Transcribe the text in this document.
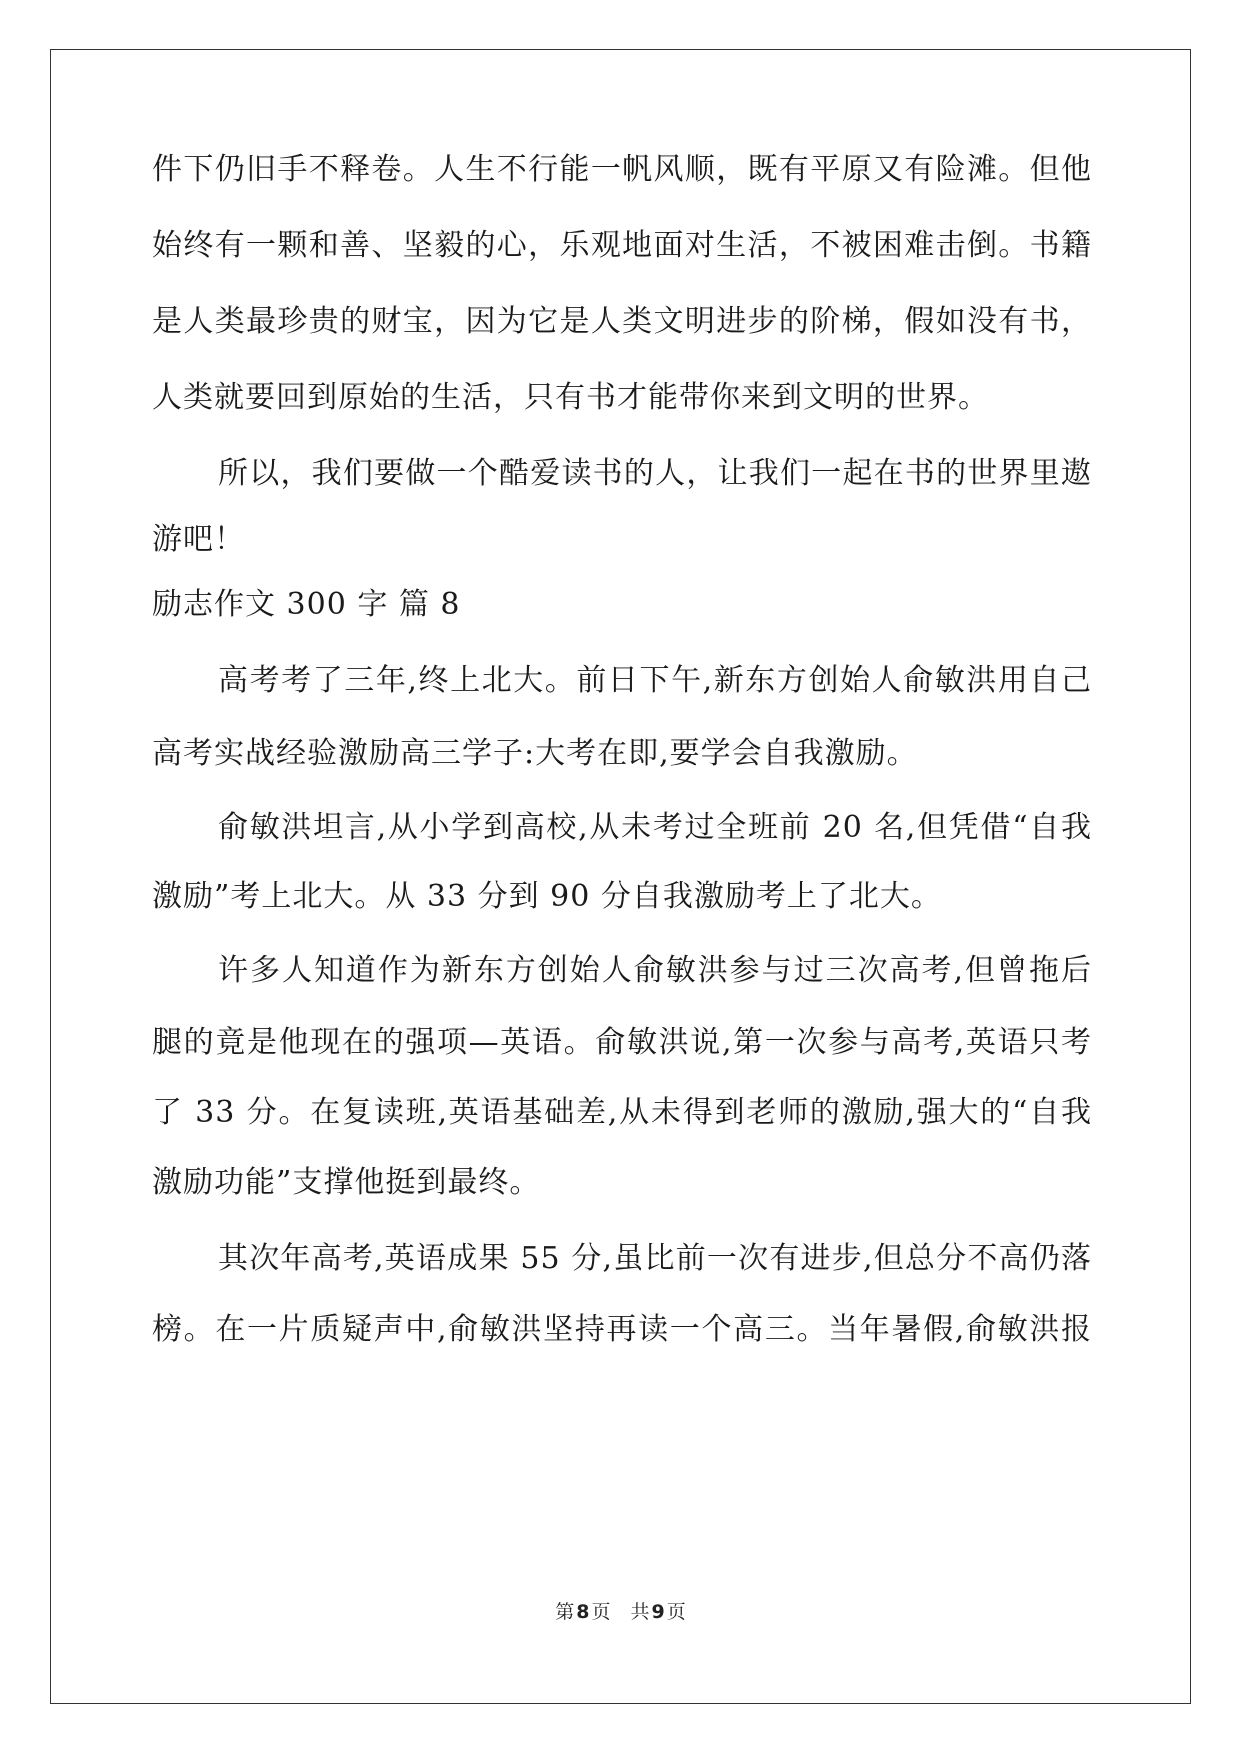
件下仍旧手不释卷。人生不行能一帆风顺，既有平原又有险滩。但他
始终有一颗和善、坚毅的心，乐观地面对生活，不被困难击倒。书籍
是人类最珍贵的财宝，因为它是人类文明进步的阶梯，假如没有书，
人类就要回到原始的生活，只有书才能带你来到文明的世界。
所以，我们要做一个酷爱读书的人，让我们一起在书的世界里遨
游吧！
励志作文 300 字 篇 8
高考考了三年,终上北大。前日下午,新东方创始人俞敏洪用自己
高考实战经验激励高三学子:大考在即,要学会自我激励。
俞敏洪坦言,从小学到高校,从未考过全班前 20 名,但凭借“自我
激励”考上北大。从 33 分到 90 分自我激励考上了北大。
许多人知道作为新东方创始人俞敏洪参与过三次高考,但曾拖后
腿的竟是他现在的强项—英语。俞敏洪说,第一次参与高考,英语只考
了 33 分。在复读班,英语基础差,从未得到老师的激励,强大的“自我
激励功能”支撑他挺到最终。
其次年高考,英语成果 55 分,虽比前一次有进步,但总分不高仍落
榜。在一片质疑声中,俞敏洪坚持再读一个高三。当年暑假,俞敏洪报
第 8 页 共 9 页
